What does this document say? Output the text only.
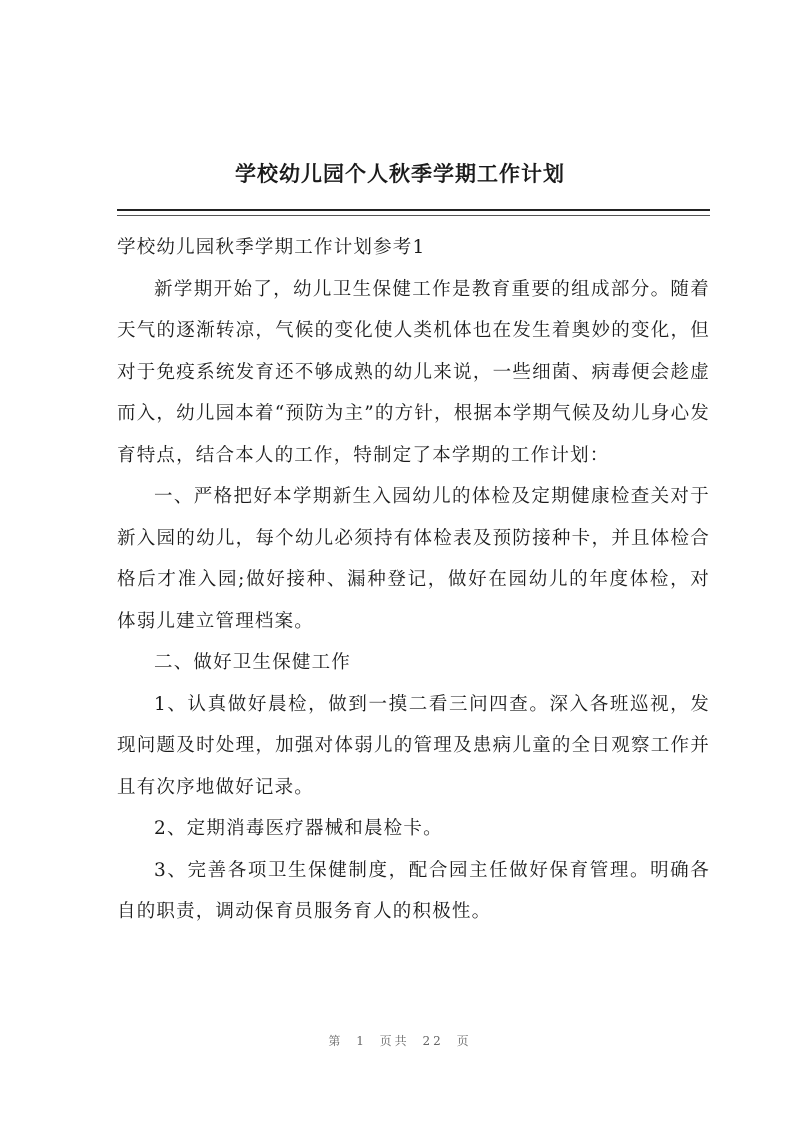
学校幼儿园个人秋季学期工作计划

学校幼儿园秋季学期工作计划参考1

新学期开始了，幼儿卫生保健工作是教育重要的组成部分。随着天气的逐渐转凉，气候的变化使人类机体也在发生着奥妙的变化，但对于免疫系统发育还不够成熟的幼儿来说，一些细菌、病毒便会趁虚而入，幼儿园本着“预防为主”的方针，根据本学期气候及幼儿身心发育特点，结合本人的工作，特制定了本学期的工作计划：

一、严格把好本学期新生入园幼儿的体检及定期健康检查关对于新入园的幼儿，每个幼儿必须持有体检表及预防接种卡，并且体检合格后才准入园;做好接种、漏种登记，做好在园幼儿的年度体检，对体弱儿建立管理档案。

二、做好卫生保健工作

1、认真做好晨检，做到一摸二看三问四查。深入各班巡视，发现问题及时处理，加强对体弱儿的管理及患病儿童的全日观察工作并且有次序地做好记录。

2、定期消毒医疗器械和晨检卡。

3、完善各项卫生保健制度，配合园主任做好保育管理。明确各自的职责，调动保育员服务育人的积极性。

第 1 页共 22 页
